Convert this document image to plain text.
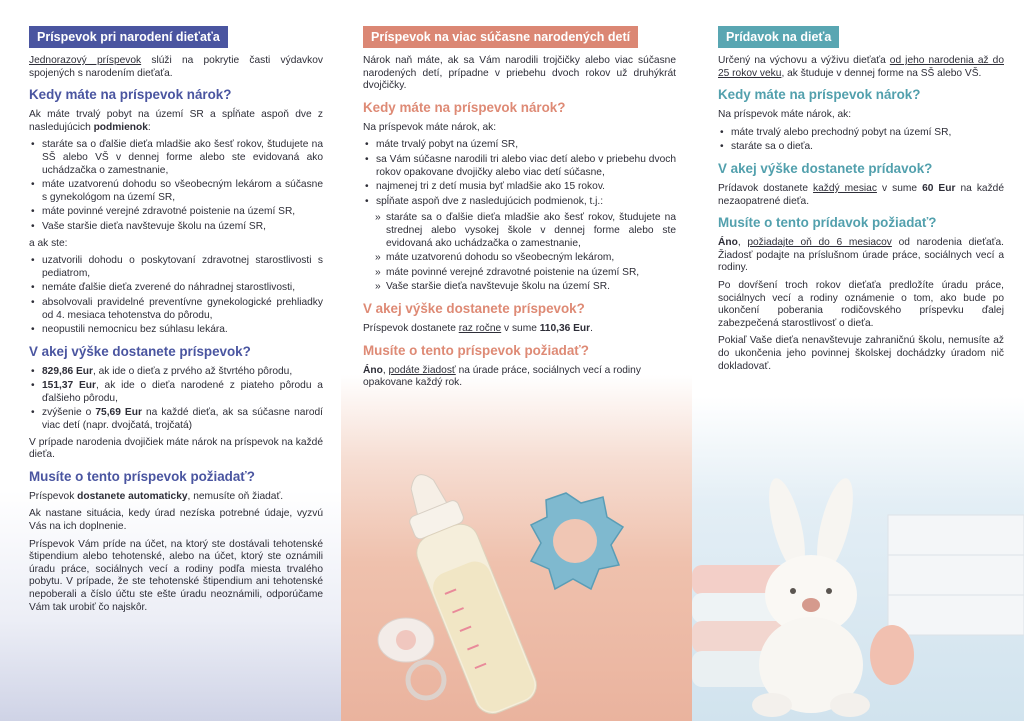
Príspevok pri narodení dieťaťa

Jednorazový príspevok slúži na pokrytie časti výdavkov spojených s narodením dieťaťa.

Kedy máte na príspevok nárok?

Ak máte trvalý pobyt na území SR a spĺňate aspoň dve z nasledujúcich podmienok:

• staráte sa o ďalšie dieťa mladšie ako šesť rokov, študujete na SŠ alebo VŠ v dennej forme alebo ste evidovaná ako uchádzačka o zamestnanie,
• máte uzatvorenú dohodu so všeobecným lekárom a súčasne s gynekológom na území SR,
• máte povinné verejné zdravotné poistenie na území SR,
• Vaše staršie dieťa navštevuje školu na území SR,

a ak ste:

• uzatvorili dohodu o poskytovaní zdravotnej starostlivosti s pediatrom,
• nemáte ďalšie dieťa zverené do náhradnej starostlivosti,
• absolvovali pravidelné preventívne gynekologické prehliadky od 4. mesiaca tehotenstva do pôrodu,
• neopustili nemocnicu bez súhlasu lekára.
V akej výške dostanete príspevok?
• 829,86 Eur, ak ide o dieťa z prvého až štvrtého pôrodu,
• 151,37 Eur, ak ide o dieťa narodené z piateho pôrodu a ďalšieho pôrodu,
• zvýšenie o 75,69 Eur na každé dieťa, ak sa súčasne narodí viac detí (napr. dvojčatá, trojčatá)

V prípade narodenia dvojičiek máte nárok na príspevok na každé dieťa.

Musíte o tento príspevok požiadať?

Príspevok dostanete automaticky, nemusíte oň žiadať.

Ak nastane situácia, kedy úrad nezíska potrebné údaje, vyzvú Vás na ich doplnenie.

Príspevok Vám príde na účet, na ktorý ste dostávali tehotenské štipendium alebo tehotenské, alebo na účet, ktorý ste oznámili úradu práce, sociálnych vecí a rodiny podľa miesta trvalého pobytu. V prípade, že ste tehotenské štipendium ani tehotenské nepoberali a číslo účtu ste ešte úradu neoznámili, odporúčame Vám tak urobiť čo najskôr.

Príspevok na viac súčasne narodených detí

Nárok naň máte, ak sa Vám narodili trojčičky alebo viac súčasne narodených detí, prípadne v priebehu dvoch rokov už druhýkrát dvojčičky.

Kedy máte na príspevok nárok?

Na príspevok máte nárok, ak:

• máte trvalý pobyt na území SR,
• sa Vám súčasne narodili tri alebo viac detí alebo v priebehu dvoch rokov opakovane dvojičky alebo viac detí súčasne,
• najmenej tri z detí musia byť mladšie ako 15 rokov.
• spĺňate aspoň dve z nasledujúcich podmienok, t.j.:
» staráte sa o ďalšie dieťa mladšie ako šesť rokov, študujete na strednej alebo vysokej škole v dennej forme alebo ste evidovaná ako uchádzačka o zamestnanie,
» máte uzatvorenú dohodu so všeobecným lekárom,
» máte povinné verejné zdravotné poistenie na území SR,
» Vaše staršie dieťa navštevuje školu na území SR.
V akej výške dostanete príspevok?

Príspevok dostanete raz ročne v sume 110,36 Eur.

Musíte o tento príspevok požiadať?

Áno, podáte žiadosť na úrade práce, sociálnych vecí a rodiny opakovane každý rok.

Prídavok na dieťa

Určený na výchovu a výživu dieťaťa od jeho narodenia až do 25 rokov veku, ak študuje v dennej forme na SŠ alebo VŠ.

Kedy máte na príspevok nárok?

Na príspevok máte nárok, ak:

• máte trvalý alebo prechodný pobyt na území SR,
• staráte sa o dieťa.
V akej výške dostanete prídavok?

Prídavok dostanete každý mesiac v sume 60 Eur na každé nezaopatrené dieťa.

Musíte o tento prídavok požiadať?

Áno, požiadajte oň do 6 mesiacov od narodenia dieťaťa. Žiadosť podajte na príslušnom úrade práce, sociálnych vecí a rodiny.

Po dovŕšení troch rokov dieťaťa predložíte úradu práce, sociálnych vecí a rodiny oznámenie o tom, ako bude po ukončení poberania rodičovského príspevku ďalej zabezpečená starostlivosť o dieťa.

Pokiaľ Vaše dieťa nenavštevuje zahraničnú školu, nemusíte až do ukončenia jeho povinnej školskej dochádzky úradom nič dokladovať.
